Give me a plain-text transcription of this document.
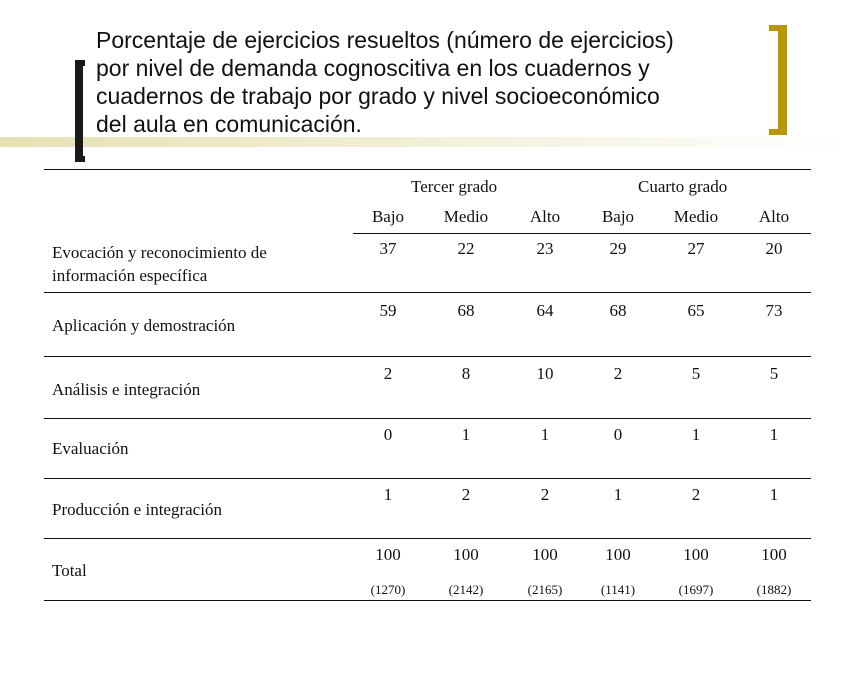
Porcentaje de ejercicios resueltos (número de ejercicios)
por nivel de demanda cognoscitiva en los cuadernos y
cuadernos de trabajo por grado y nivel socioeconómico
del aula en comunicación.
Tercer grado	Cuarto grado
Bajo	Medio	Alto	Bajo	Medio	Alto
Evocación y reconocimiento de
información específica
37	22	23	29	27	20
Aplicación y demostración
59	68	64	68	65	73
Análisis e integración
2	8	10	2	5	5
Evaluación
0	1	1	0	1	1
Producción e integración
1	2	2	1	2	1
Total
100	100	100	100	100	100
(1270)	(2142)	(2165)	(1141)	(1697)	(1882)
